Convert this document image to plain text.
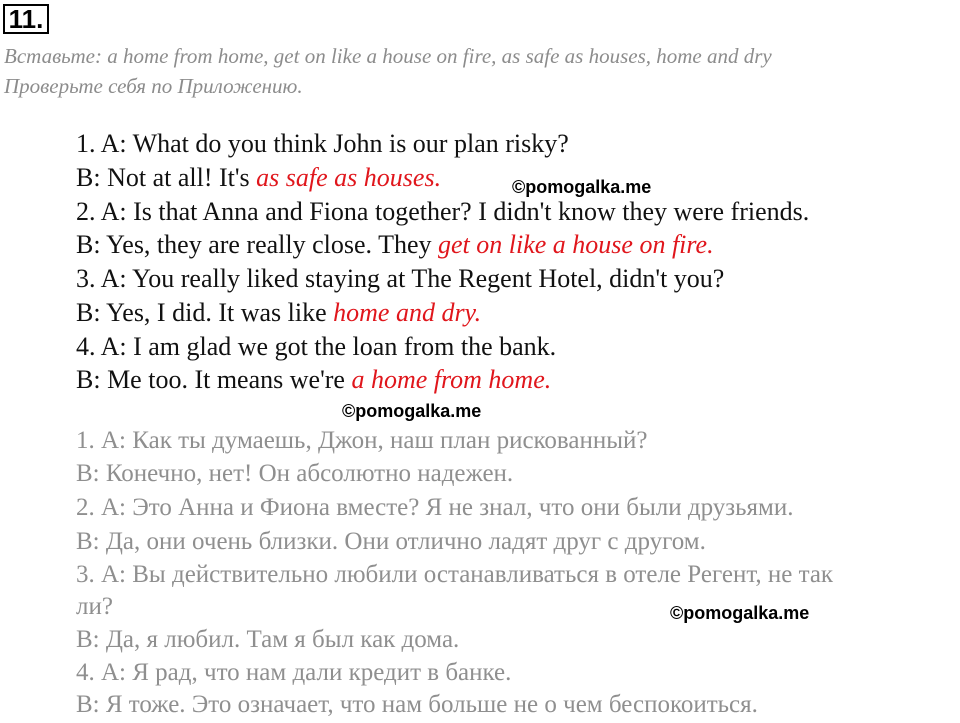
11.
Вставьте: a home from home, get on like a house on fire, as safe as houses, home and dry
Проверьте себя по Приложению.
1. A: What do you think John is our plan risky?
B: Not at all! It's as safe as houses.
2. A: Is that Anna and Fiona together? I didn't know they were friends.
B: Yes, they are really close. They get on like a house on fire.
3. A: You really liked staying at The Regent Hotel, didn't you?
B: Yes, I did. It was like home and dry.
4. A: I am glad we got the loan from the bank.
B: Me too. It means we're a home from home.
©pomogalka.me
©pomogalka.me
1. А: Как ты думаешь, Джон, наш план рискованный?
В: Конечно, нет! Он абсолютно надежен.
2. А: Это Анна и Фиона вместе? Я не знал, что они были друзьями.
В: Да, они очень близки. Они отлично ладят друг с другом.
3. А: Вы действительно любили останавливаться в отеле Регент, не так
ли?
В: Да, я любил. Там я был как дома.
4. А: Я рад, что нам дали кредит в банке.
В: Я тоже. Это означает, что нам больше не о чем беспокоиться.
©pomogalka.me
